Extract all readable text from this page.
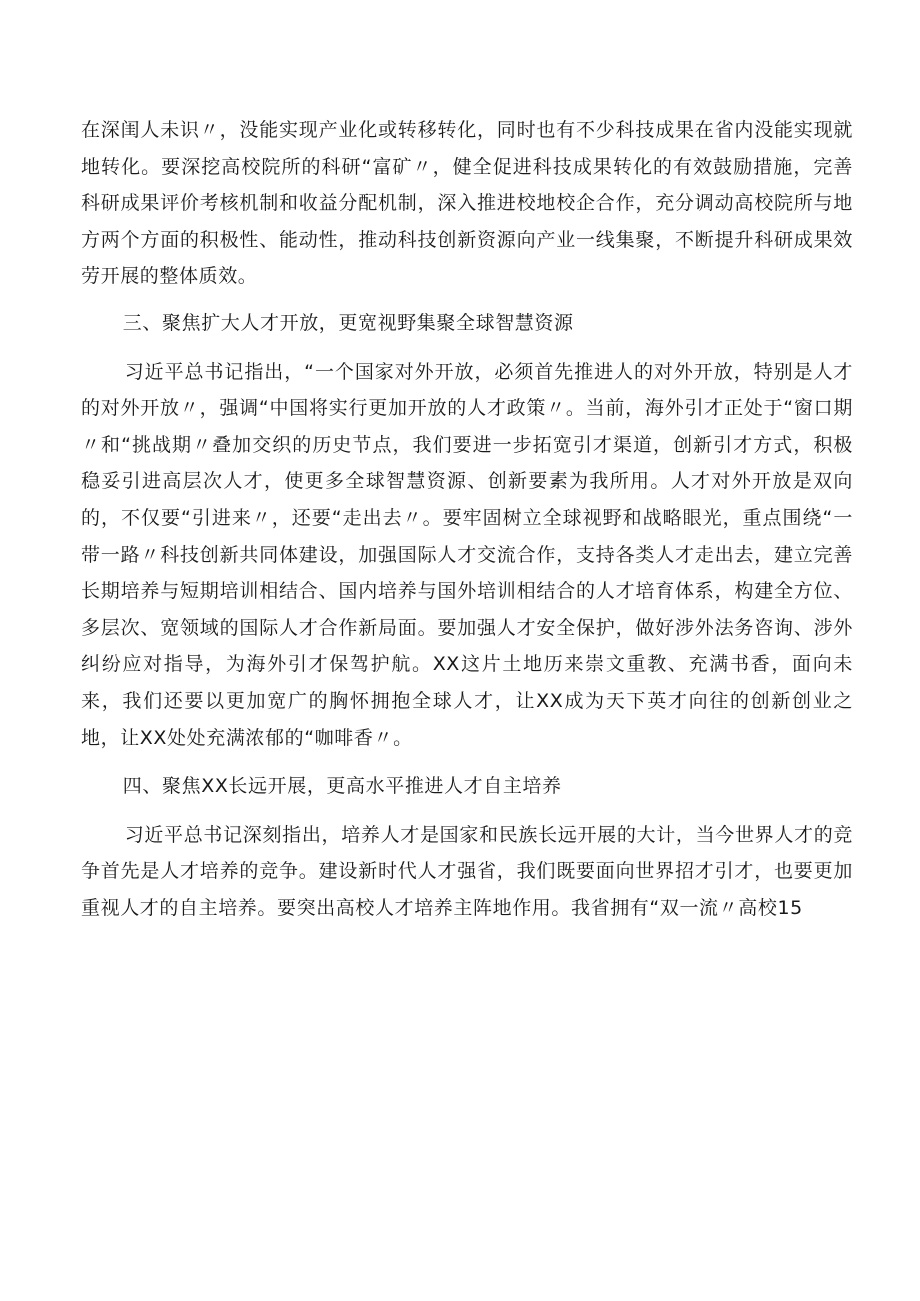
在深闺人未识〃，没能实现产业化或转移转化，同时也有不少科技成果在省内没能实现就地转化。要深挖高校院所的科研“富矿〃，健全促进科技成果转化的有效鼓励措施，完善科研成果评价考核机制和收益分配机制，深入推进校地校企合作，充分调动高校院所与地方两个方面的积极性、能动性，推动科技创新资源向产业一线集聚，不断提升科研成果效劳开展的整体质效。

三、聚焦扩大人才开放，更宽视野集聚全球智慧资源

习近平总书记指出，“一个国家对外开放，必须首先推进人的对外开放，特别是人才的对外开放〃，强调“中国将实行更加开放的人才政策〃。当前，海外引才正处于“窗口期〃和“挑战期〃叠加交织的历史节点，我们要进一步拓宽引才渠道，创新引才方式，积极稳妥引进高层次人才，使更多全球智慧资源、创新要素为我所用。人才对外开放是双向的，不仅要“引进来〃，还要“走出去〃。要牢固树立全球视野和战略眼光，重点围绕“一带一路〃科技创新共同体建设，加强国际人才交流合作，支持各类人才走出去，建立完善长期培养与短期培训相结合、国内培养与国外培训相结合的人才培育体系，构建全方位、多层次、宽领域的国际人才合作新局面。要加强人才安全保护，做好涉外法务咨询、涉外纠纷应对指导，为海外引才保驾护航。XX这片土地历来崇文重教、充满书香，面向未来，我们还要以更加宽广的胸怀拥抱全球人才，让XX成为天下英才向往的创新创业之地，让XX处处充满浓郁的“咖啡香〃。

四、聚焦XX长远开展，更高水平推进人才自主培养

习近平总书记深刻指出，培养人才是国家和民族长远开展的大计，当今世界人才的竞争首先是人才培养的竞争。建设新时代人才强省，我们既要面向世界招才引才，也要更加重视人才的自主培养。要突出高校人才培养主阵地作用。我省拥有“双一流〃高校15
